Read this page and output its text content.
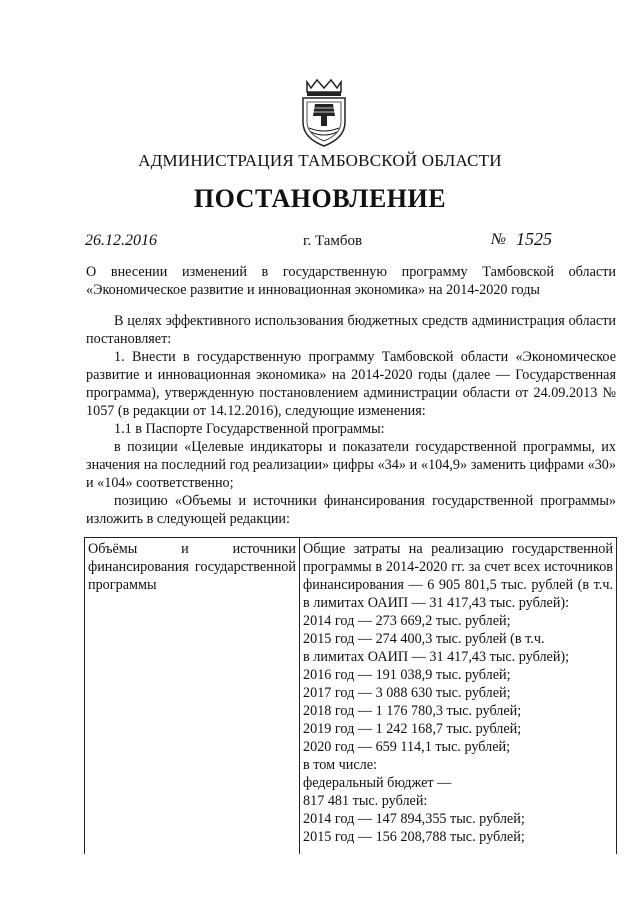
АДМИНИСТРАЦИЯ ТАМБОВСКОЙ ОБЛАСТИ
ПОСТАНОВЛЕНИЕ
26.12.2016	г. Тамбов	№ 1525
О внесении изменений в государственную программу Тамбовской области «Экономическое развитие и инновационная экономика» на 2014-2020 годы

В целях эффективного использования бюджетных средств администрация области постановляет:

1. Внести в государственную программу Тамбовской области «Экономическое развитие и инновационная экономика» на 2014-2020 годы (далее — Государственная программа), утвержденную постановлением администрации области от 24.09.2013 № 1057 (в редакции от 14.12.2016), следующие изменения:

1.1 в Паспорте Государственной программы:

в позиции «Целевые индикаторы и показатели государственной программы, их значения на последний год реализации» цифры «34» и «104,9» заменить цифрами «30» и «104» соответственно;

позицию «Объемы и источники финансирования государственной программы» изложить в следующей редакции:

Объёмы и источники финансирования государственной программы
Общие затраты на реализацию государственной программы в 2014-2020 гг. за счет всех источников финансирования — 6 905 801,5 тыс. рублей (в т.ч. в лимитах ОАИП — 31 417,43 тыс. рублей):
2014 год — 273 669,2 тыс. рублей;
2015 год — 274 400,3 тыс. рублей (в т.ч.
в лимитах ОАИП — 31 417,43 тыс. рублей);
2016 год — 191 038,9 тыс. рублей;
2017 год — 3 088 630 тыс. рублей;
2018 год — 1 176 780,3 тыс. рублей;
2019 год — 1 242 168,7 тыс. рублей;
2020 год — 659 114,1 тыс. рублей;
в том числе:
федеральный бюджет —
817 481 тыс. рублей:
2014 год — 147 894,355 тыс. рублей;
2015 год — 156 208,788 тыс. рублей;
